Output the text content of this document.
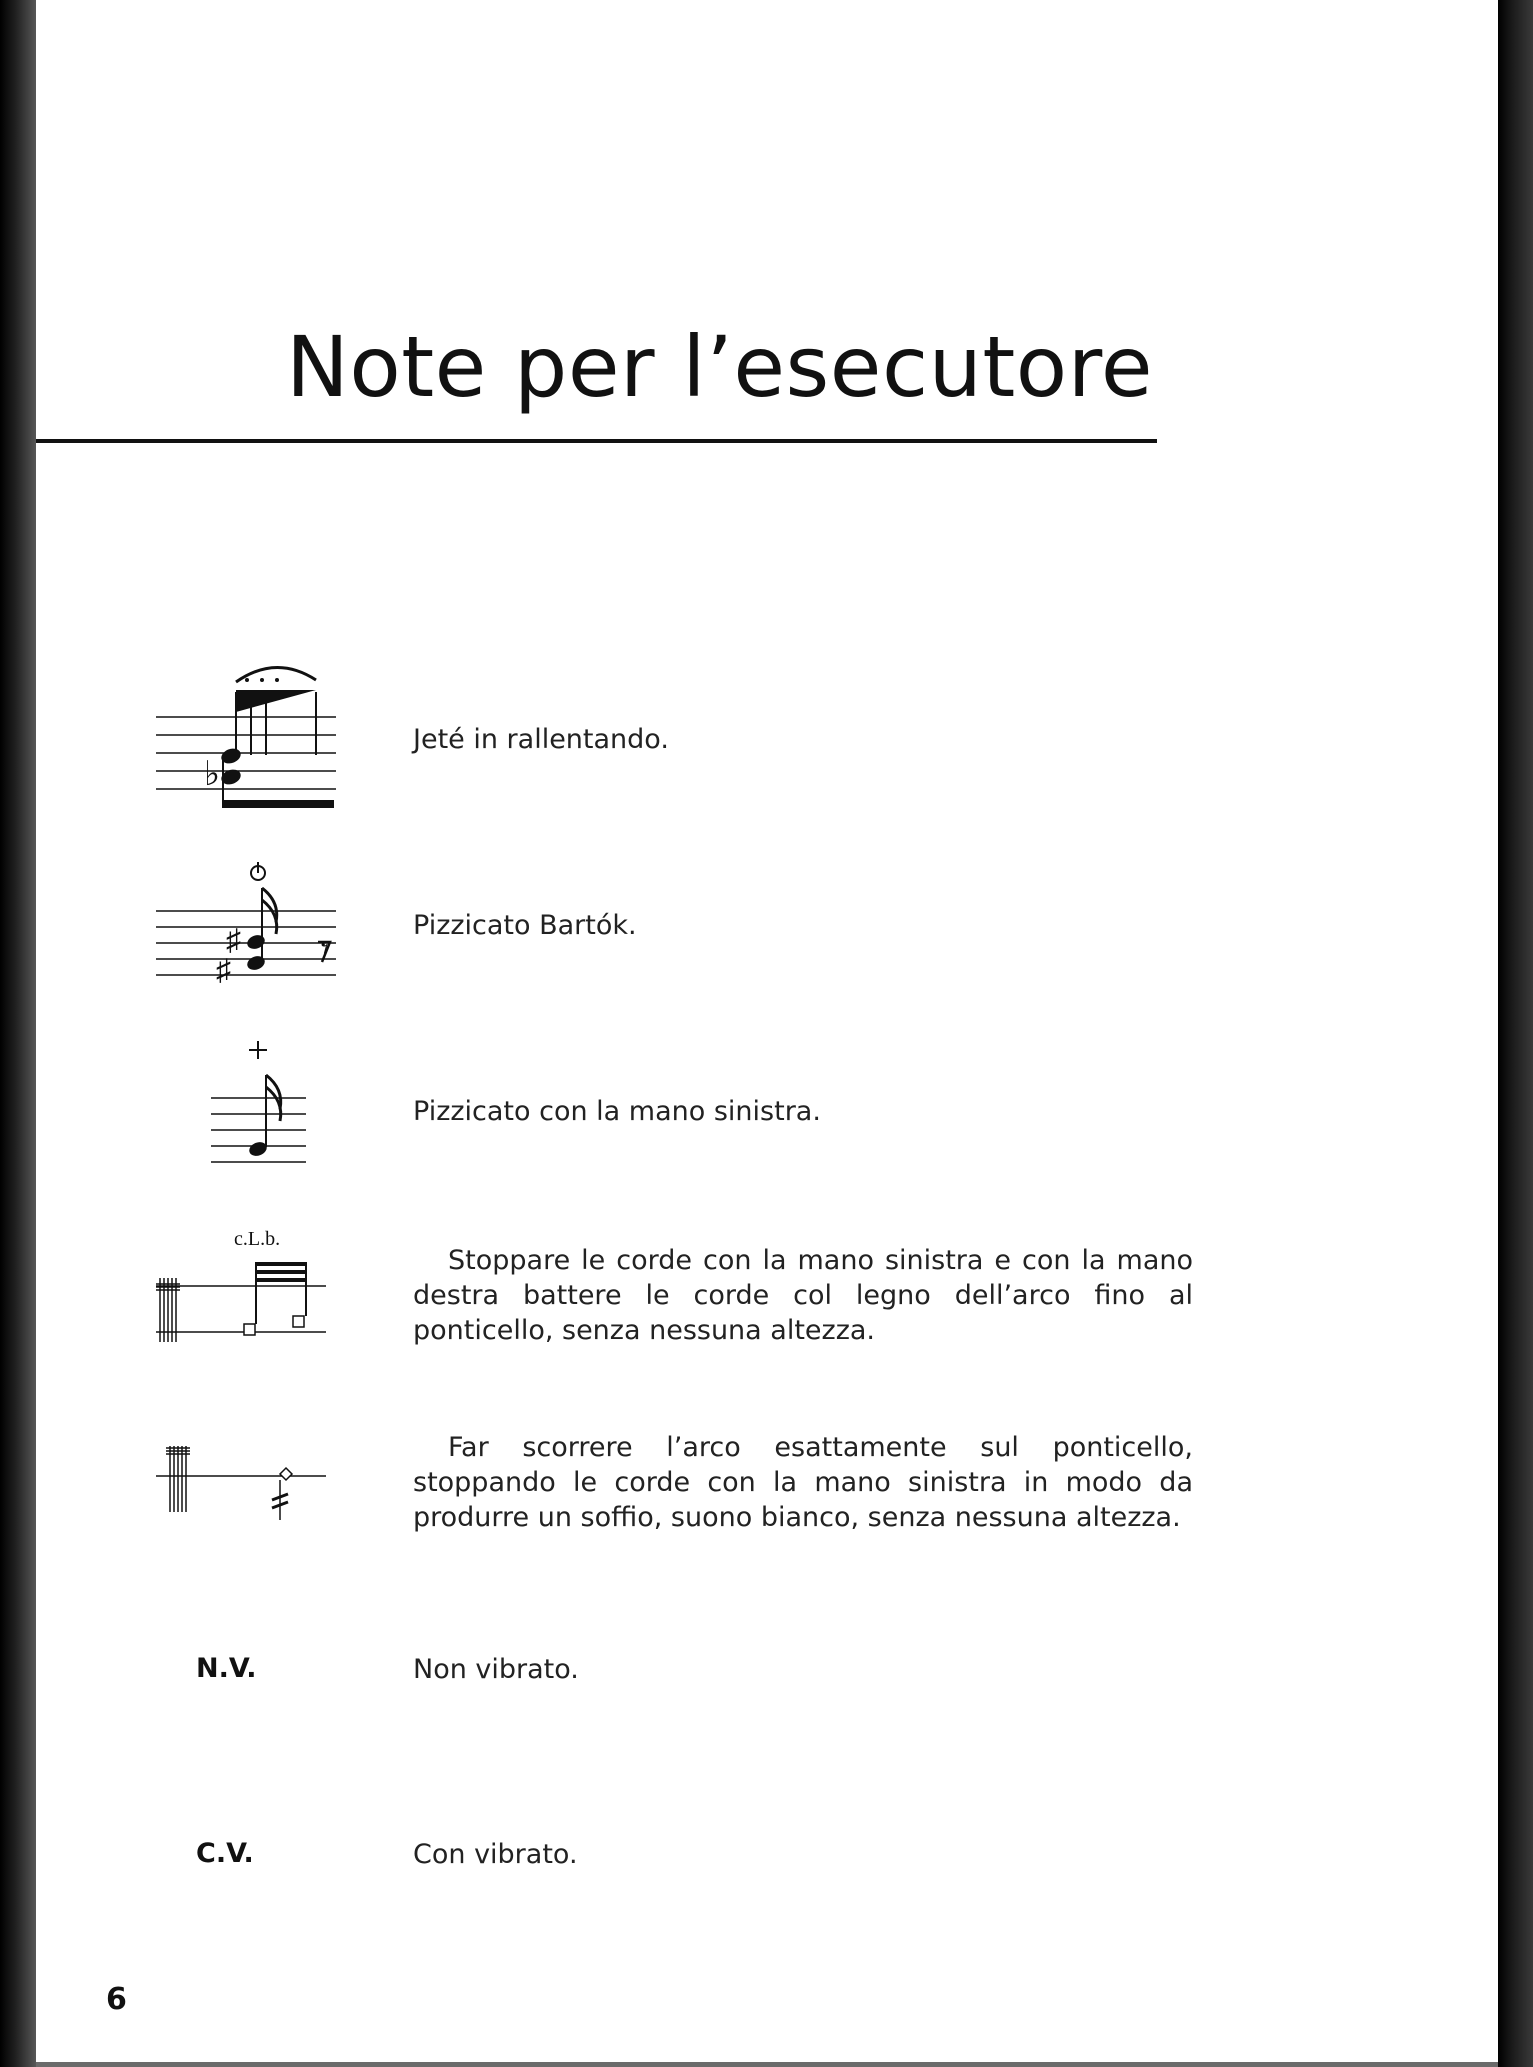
Note per l’esecutore
♭
Jeté in rallentando.
♯
♯
𝄾
Pizzicato Bartók.
Pizzicato con la mano sinistra.
c.L.b.
Stoppare le corde con la mano sinistra e con la mano destra battere le corde col legno dell’arco fino al ponticello, senza nessuna altezza.
Far scorrere l’arco esattamente sul ponticello, stoppando le corde con la mano sinistra in modo da produrre un soffio, suono bianco, senza nessuna altezza.
N.V.	Non vibrato.
C.V.	Con vibrato.
6
